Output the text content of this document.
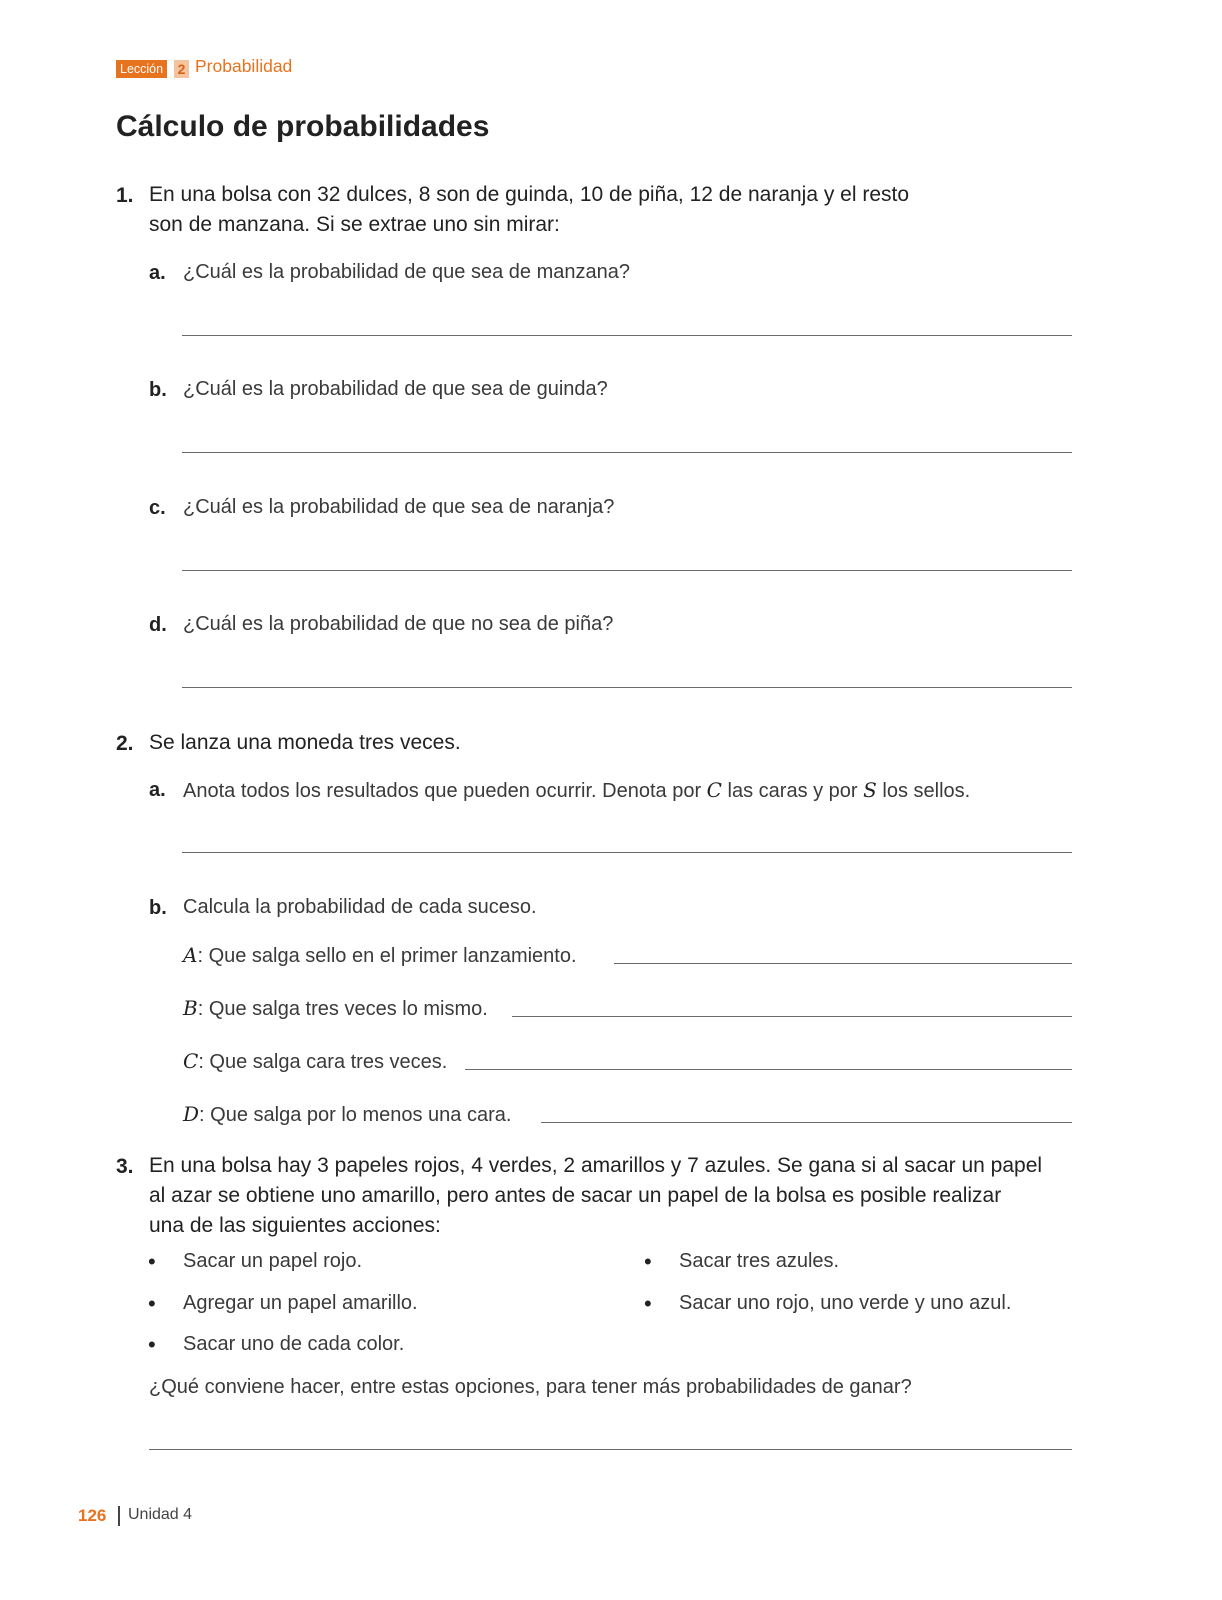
Lección 2 Probabilidad
Cálculo de probabilidades
1. En una bolsa con 32 dulces, 8 son de guinda, 10 de piña, 12 de naranja y el resto
son de manzana. Si se extrae uno sin mirar:
a. ¿Cuál es la probabilidad de que sea de manzana?
b. ¿Cuál es la probabilidad de que sea de guinda?
c. ¿Cuál es la probabilidad de que sea de naranja?
d. ¿Cuál es la probabilidad de que no sea de piña?
2. Se lanza una moneda tres veces.
a. Anota todos los resultados que pueden ocurrir. Denota por C las caras y por S los sellos.
b. Calcula la probabilidad de cada suceso.
A: Que salga sello en el primer lanzamiento.
B: Que salga tres veces lo mismo.
C: Que salga cara tres veces.
D: Que salga por lo menos una cara.
3. En una bolsa hay 3 papeles rojos, 4 verdes, 2 amarillos y 7 azules. Se gana si al sacar un papel
al azar se obtiene uno amarillo, pero antes de sacar un papel de la bolsa es posible realizar
una de las siguientes acciones:
• Sacar un papel rojo.
• Agregar un papel amarillo.
• Sacar uno de cada color.
• Sacar tres azules.
• Sacar uno rojo, uno verde y uno azul.
¿Qué conviene hacer, entre estas opciones, para tener más probabilidades de ganar?
126 Unidad 4
